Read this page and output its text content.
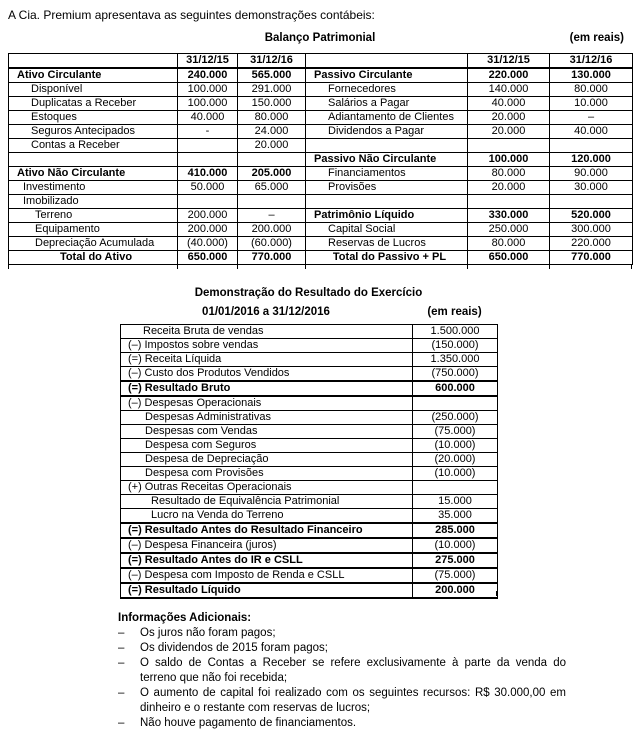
A Cia. Premium apresentava as seguintes demonstrações contábeis:

Balanço Patrimonial	(em reais)
	31/12/15	31/12/16		31/12/15	31/12/16
Ativo Circulante	240.000	565.000	Passivo Circulante	220.000	130.000
Disponível	100.000	291.000	Fornecedores	140.000	80.000
Duplicatas a Receber	100.000	150.000	Salários a Pagar	40.000	10.000
Estoques	40.000	80.000	Adiantamento de Clientes	20.000	–
Seguros Antecipados	-	24.000	Dividendos a Pagar	20.000	40.000
Contas a Receber		20.000			
			Passivo Não Circulante	100.000	120.000
Ativo Não Circulante	410.000	205.000	Financiamentos	80.000	90.000
Investimento	50.000	65.000	Provisões	20.000	30.000
Imobilizado					
Terreno	200.000	–	Patrimônio Líquido	330.000	520.000
Equipamento	200.000	200.000	Capital Social	250.000	300.000
Depreciação Acumulada	(40.000)	(60.000)	Reservas de Lucros	80.000	220.000
Total do Ativo	650.000	770.000	Total do Passivo + PL	650.000	770.000
Demonstração do Resultado do Exercício
01/01/2016 a 31/12/2016	(em reais)
Receita Bruta de vendas	1.500.000
(–) Impostos sobre vendas	(150.000)
(=) Receita Líquida	1.350.000
(–) Custo dos Produtos Vendidos	(750.000)
(=) Resultado Bruto	600.000
(–) Despesas Operacionais	
Despesas Administrativas	(250.000)
Despesas com Vendas	(75.000)
Despesa com Seguros	(10.000)
Despesa de Depreciação	(20.000)
Despesa com Provisões	(10.000)
(+) Outras Receitas Operacionais	
Resultado de Equivalência Patrimonial	15.000
Lucro na Venda do Terreno	35.000
(=) Resultado Antes do Resultado Financeiro	285.000
(–) Despesa Financeira (juros)	(10.000)
(=) Resultado Antes do IR e CSLL	275.000
(–) Despesa com Imposto de Renda e CSLL	(75.000)
(=) Resultado Líquido	200.000
Informações Adicionais:
–	Os juros não foram pagos;
–	Os dividendos de 2015 foram pagos;
–	O saldo de Contas a Receber se refere exclusivamente à parte da venda do terreno que não foi recebida;
–	O aumento de capital foi realizado com os seguintes recursos: R$ 30.000,00 em dinheiro e o restante com reservas de lucros;
–	Não houve pagamento de financiamentos.
